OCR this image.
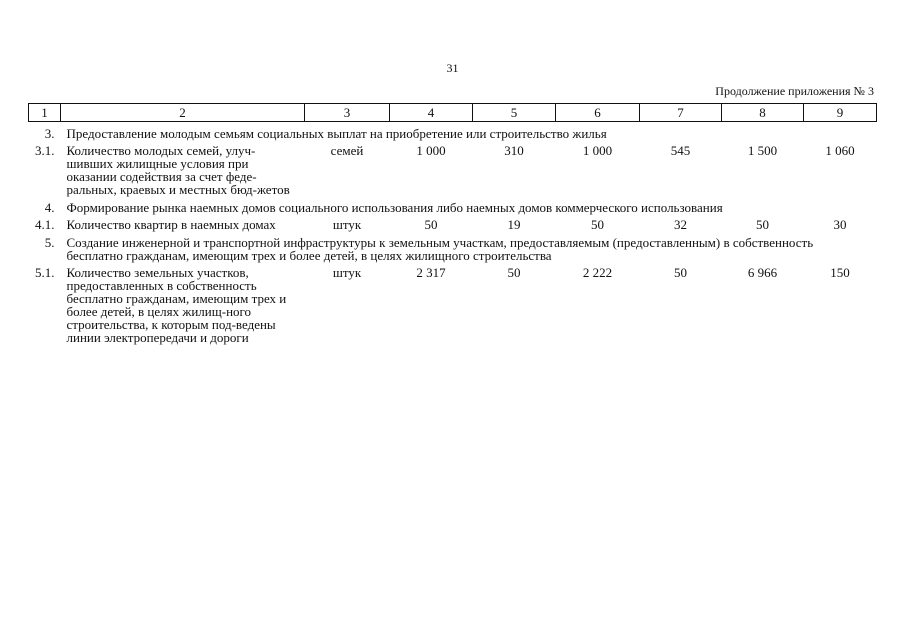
31
Продолжение приложения № 3
1	2	3	4	5	6	7	8	9
3.	Предоставление молодым семьям социальных выплат на приобретение или строительство жилья							

3.1.	Количество молодых семей, улуч-шивших жилищные условия при оказании содействия за счет феде-ральных, краевых и местных бюд-жетов	семей	1 000	310	1 000	545	1 500	1 060
4.	Формирование рынка наемных домов социального использования либо наемных домов коммерческого использования							

4.1.	Количество квартир в наемных домах	штук	50	19	50	32	50	30
5.	Создание инженерной и транспортной инфраструктуры к земельным участкам, предоставляемым (предоставленным) в собственность бесплатно гражданам, имеющим трех и более детей, в целях жилищного строительства							

5.1.	Количество земельных участков, предоставленных в собственность бесплатно гражданам, имеющим трех и более детей, в целях жилищ-ного строительства, к которым под-ведены линии электропередачи и дороги	штук	2 317	50	2 222	50	6 966	150
